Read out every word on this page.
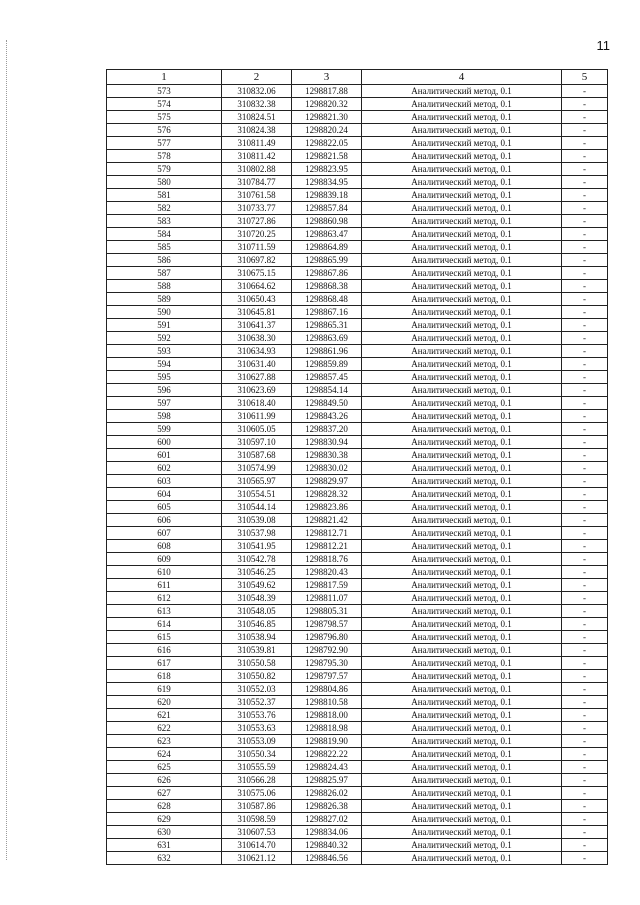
11
1	2	3	4	5
573	310832.06	1298817.88	Аналитический метод, 0.1	-
574	310832.38	1298820.32	Аналитический метод, 0.1	-
575	310824.51	1298821.30	Аналитический метод, 0.1	-
576	310824.38	1298820.24	Аналитический метод, 0.1	-
577	310811.49	1298822.05	Аналитический метод, 0.1	-
578	310811.42	1298821.58	Аналитический метод, 0.1	-
579	310802.88	1298823.95	Аналитический метод, 0.1	-
580	310784.77	1298834.95	Аналитический метод, 0.1	-
581	310761.58	1298839.18	Аналитический метод, 0.1	-
582	310733.77	1298857.84	Аналитический метод, 0.1	-
583	310727.86	1298860.98	Аналитический метод, 0.1	-
584	310720.25	1298863.47	Аналитический метод, 0.1	-
585	310711.59	1298864.89	Аналитический метод, 0.1	-
586	310697.82	1298865.99	Аналитический метод, 0.1	-
587	310675.15	1298867.86	Аналитический метод, 0.1	-
588	310664.62	1298868.38	Аналитический метод, 0.1	-
589	310650.43	1298868.48	Аналитический метод, 0.1	-
590	310645.81	1298867.16	Аналитический метод, 0.1	-
591	310641.37	1298865.31	Аналитический метод, 0.1	-
592	310638.30	1298863.69	Аналитический метод, 0.1	-
593	310634.93	1298861.96	Аналитический метод, 0.1	-
594	310631.40	1298859.89	Аналитический метод, 0.1	-
595	310627.88	1298857.45	Аналитический метод, 0.1	-
596	310623.69	1298854.14	Аналитический метод, 0.1	-
597	310618.40	1298849.50	Аналитический метод, 0.1	-
598	310611.99	1298843.26	Аналитический метод, 0.1	-
599	310605.05	1298837.20	Аналитический метод, 0.1	-
600	310597.10	1298830.94	Аналитический метод, 0.1	-
601	310587.68	1298830.38	Аналитический метод, 0.1	-
602	310574.99	1298830.02	Аналитический метод, 0.1	-
603	310565.97	1298829.97	Аналитический метод, 0.1	-
604	310554.51	1298828.32	Аналитический метод, 0.1	-
605	310544.14	1298823.86	Аналитический метод, 0.1	-
606	310539.08	1298821.42	Аналитический метод, 0.1	-
607	310537.98	1298812.71	Аналитический метод, 0.1	-
608	310541.95	1298812.21	Аналитический метод, 0.1	-
609	310542.78	1298818.76	Аналитический метод, 0.1	-
610	310546.25	1298820.43	Аналитический метод, 0.1	-
611	310549.62	1298817.59	Аналитический метод, 0.1	-
612	310548.39	1298811.07	Аналитический метод, 0.1	-
613	310548.05	1298805.31	Аналитический метод, 0.1	-
614	310546.85	1298798.57	Аналитический метод, 0.1	-
615	310538.94	1298796.80	Аналитический метод, 0.1	-
616	310539.81	1298792.90	Аналитический метод, 0.1	-
617	310550.58	1298795.30	Аналитический метод, 0.1	-
618	310550.82	1298797.57	Аналитический метод, 0.1	-
619	310552.03	1298804.86	Аналитический метод, 0.1	-
620	310552.37	1298810.58	Аналитический метод, 0.1	-
621	310553.76	1298818.00	Аналитический метод, 0.1	-
622	310553.63	1298818.98	Аналитический метод, 0.1	-
623	310553.09	1298819.90	Аналитический метод, 0.1	-
624	310550.34	1298822.22	Аналитический метод, 0.1	-
625	310555.59	1298824.43	Аналитический метод, 0.1	-
626	310566.28	1298825.97	Аналитический метод, 0.1	-
627	310575.06	1298826.02	Аналитический метод, 0.1	-
628	310587.86	1298826.38	Аналитический метод, 0.1	-
629	310598.59	1298827.02	Аналитический метод, 0.1	-
630	310607.53	1298834.06	Аналитический метод, 0.1	-
631	310614.70	1298840.32	Аналитический метод, 0.1	-
632	310621.12	1298846.56	Аналитический метод, 0.1	-
